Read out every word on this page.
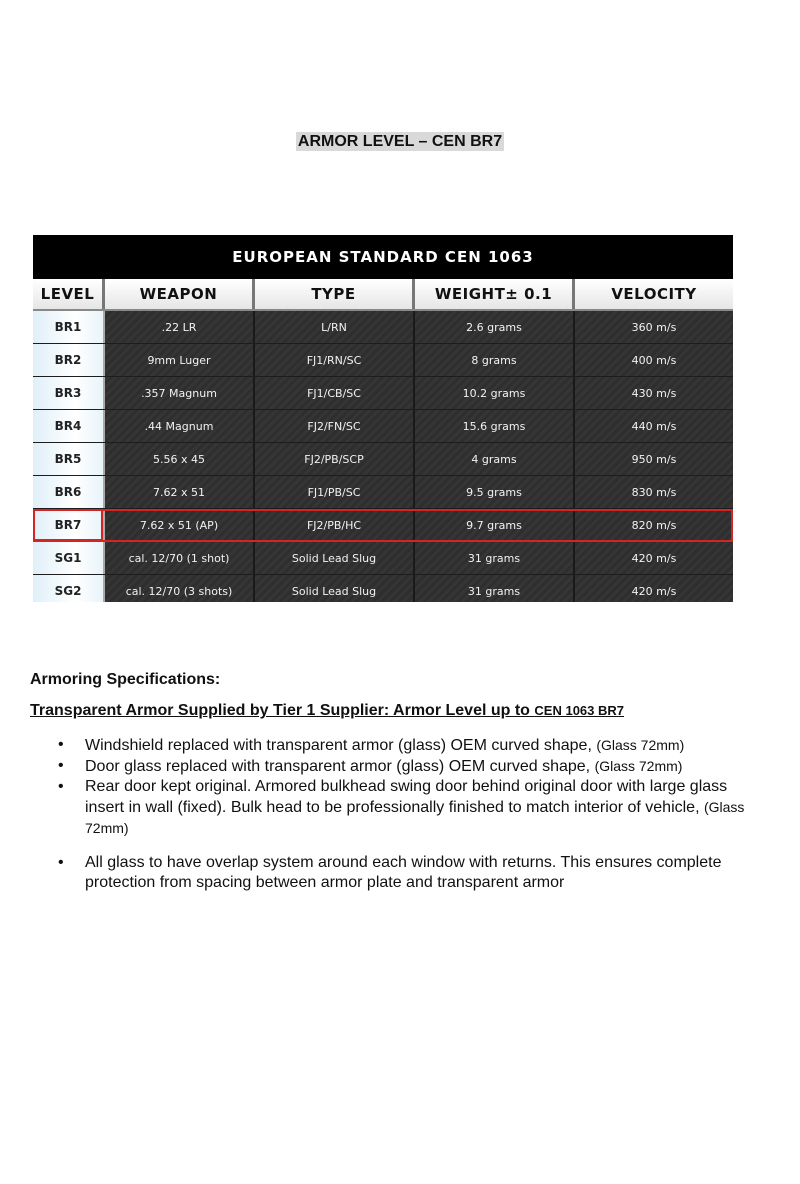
ARMOR LEVEL – CEN BR7
EUROPEAN STANDARD CEN 1063
LEVEL	WEAPON	TYPE	WEIGHT± 0.1	VELOCITY
BR1	.22 LR	L/RN	2.6 grams	360 m/s
BR2	9mm Luger	FJ1/RN/SC	8 grams	400 m/s
BR3	.357 Magnum	FJ1/CB/SC	10.2 grams	430 m/s
BR4	.44 Magnum	FJ2/FN/SC	15.6 grams	440 m/s
BR5	5.56 x 45	FJ2/PB/SCP	4 grams	950 m/s
BR6	7.62 x 51	FJ1/PB/SC	9.5 grams	830 m/s
BR7	7.62 x 51 (AP)	FJ2/PB/HC	9.7 grams	820 m/s
SG1	cal. 12/70 (1 shot)	Solid Lead Slug	31 grams	420 m/s
SG2	cal. 12/70 (3 shots)	Solid Lead Slug	31 grams	420 m/s
Armoring Specifications:
Transparent Armor Supplied by Tier 1 Supplier: Armor Level up to CEN 1063 BR7
• Windshield replaced with transparent armor (glass) OEM curved shape, (Glass 72mm)
• Door glass replaced with transparent armor (glass) OEM curved shape, (Glass 72mm)
• Rear door kept original. Armored bulkhead swing door behind original door with large glass insert in wall (fixed). Bulk head to be professionally finished to match interior of vehicle, (Glass 72mm)
• All glass to have overlap system around each window with returns. This ensures complete protection from spacing between armor plate and transparent armor
